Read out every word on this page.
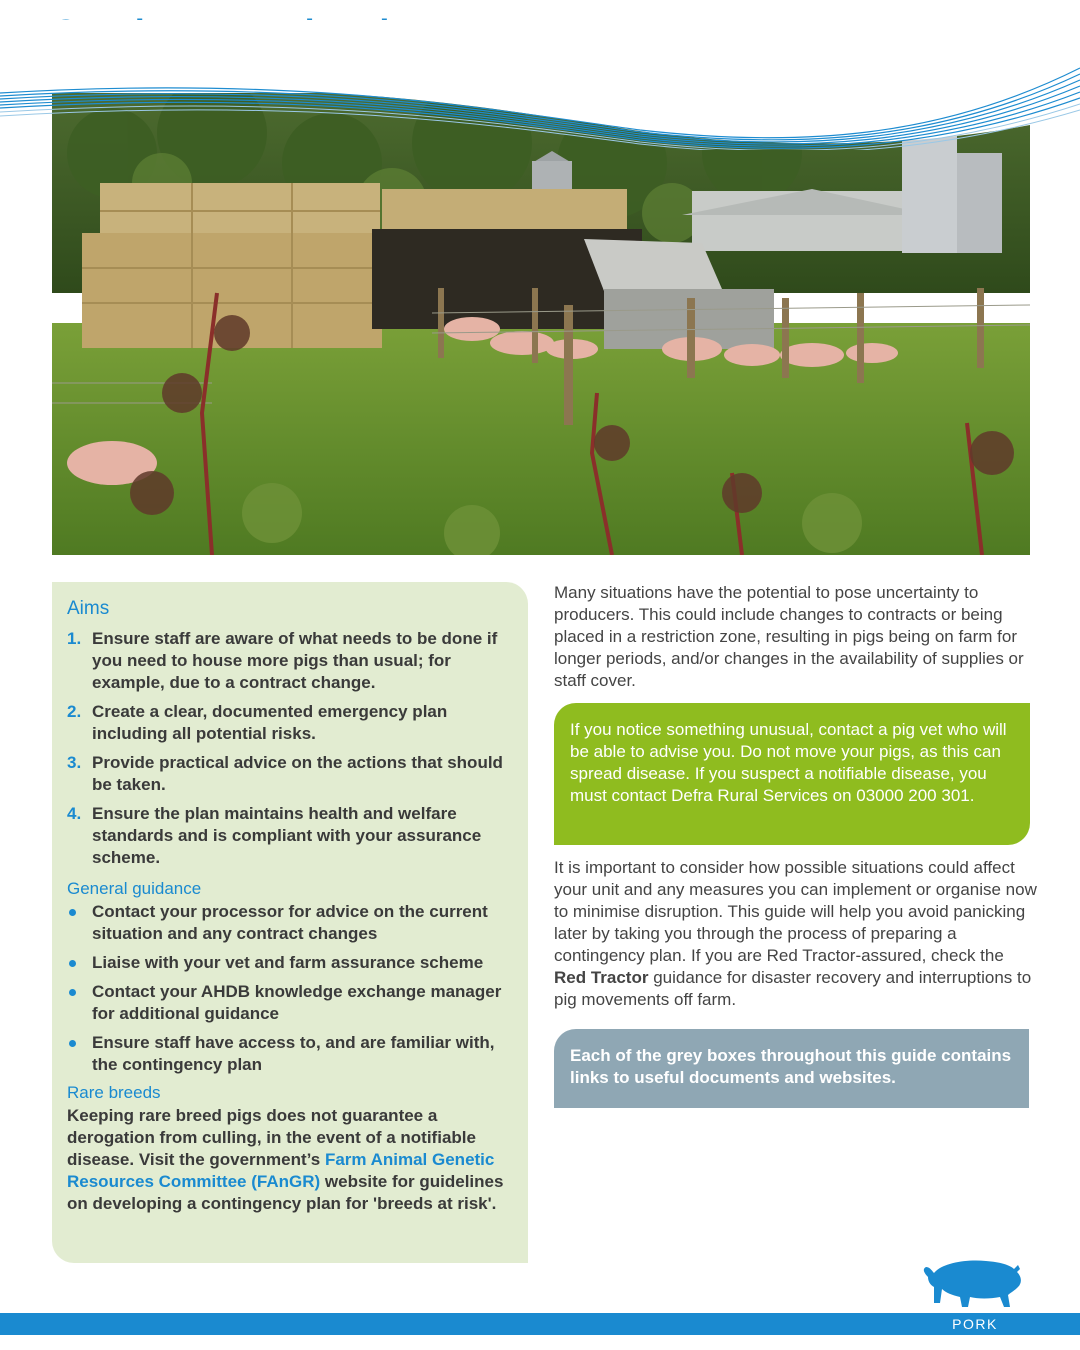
Aims
1. Ensure staff are aware of what needs to be done if you need to house more pigs than usual; for example, due to a contract change.
2. Create a clear, documented emergency plan including all potential risks.
3. Provide practical advice on the actions that should be taken.
4. Ensure the plan maintains health and welfare standards and is compliant with your assurance scheme.
General guidance
Contact your processor for advice on the current situation and any contract changes
Liaise with your vet and farm assurance scheme
Contact your AHDB knowledge exchange manager for additional guidance
Ensure staff have access to, and are familiar with, the contingency plan
Rare breeds

Keeping rare breed pigs does not guarantee a derogation from culling, in the event of a notifiable disease. Visit the government’s Farm Animal Genetic Resources Committee (FAnGR) website for guidelines on developing a contingency plan for 'breeds at risk'.

Many situations have the potential to pose uncertainty to producers. This could include changes to contracts or being placed in a restriction zone, resulting in pigs being on farm for longer periods, and/or changes in the availability of supplies or staff cover.

If you notice something unusual, contact a pig vet who will be able to advise you. Do not move your pigs, as this can spread disease. If you suspect a notifiable disease, you must contact Defra Rural Services on 03000 200 301.

It is important to consider how possible situations could affect your unit and any measures you can implement or organise now to minimise disruption. This guide will help you avoid panicking later by taking you through the process of preparing a contingency plan. If you are Red Tractor-assured, check the Red Tractor guidance for disaster recovery and interruptions to pig movements off farm.

Each of the grey boxes throughout this guide contains links to useful documents and websites.
PORK
